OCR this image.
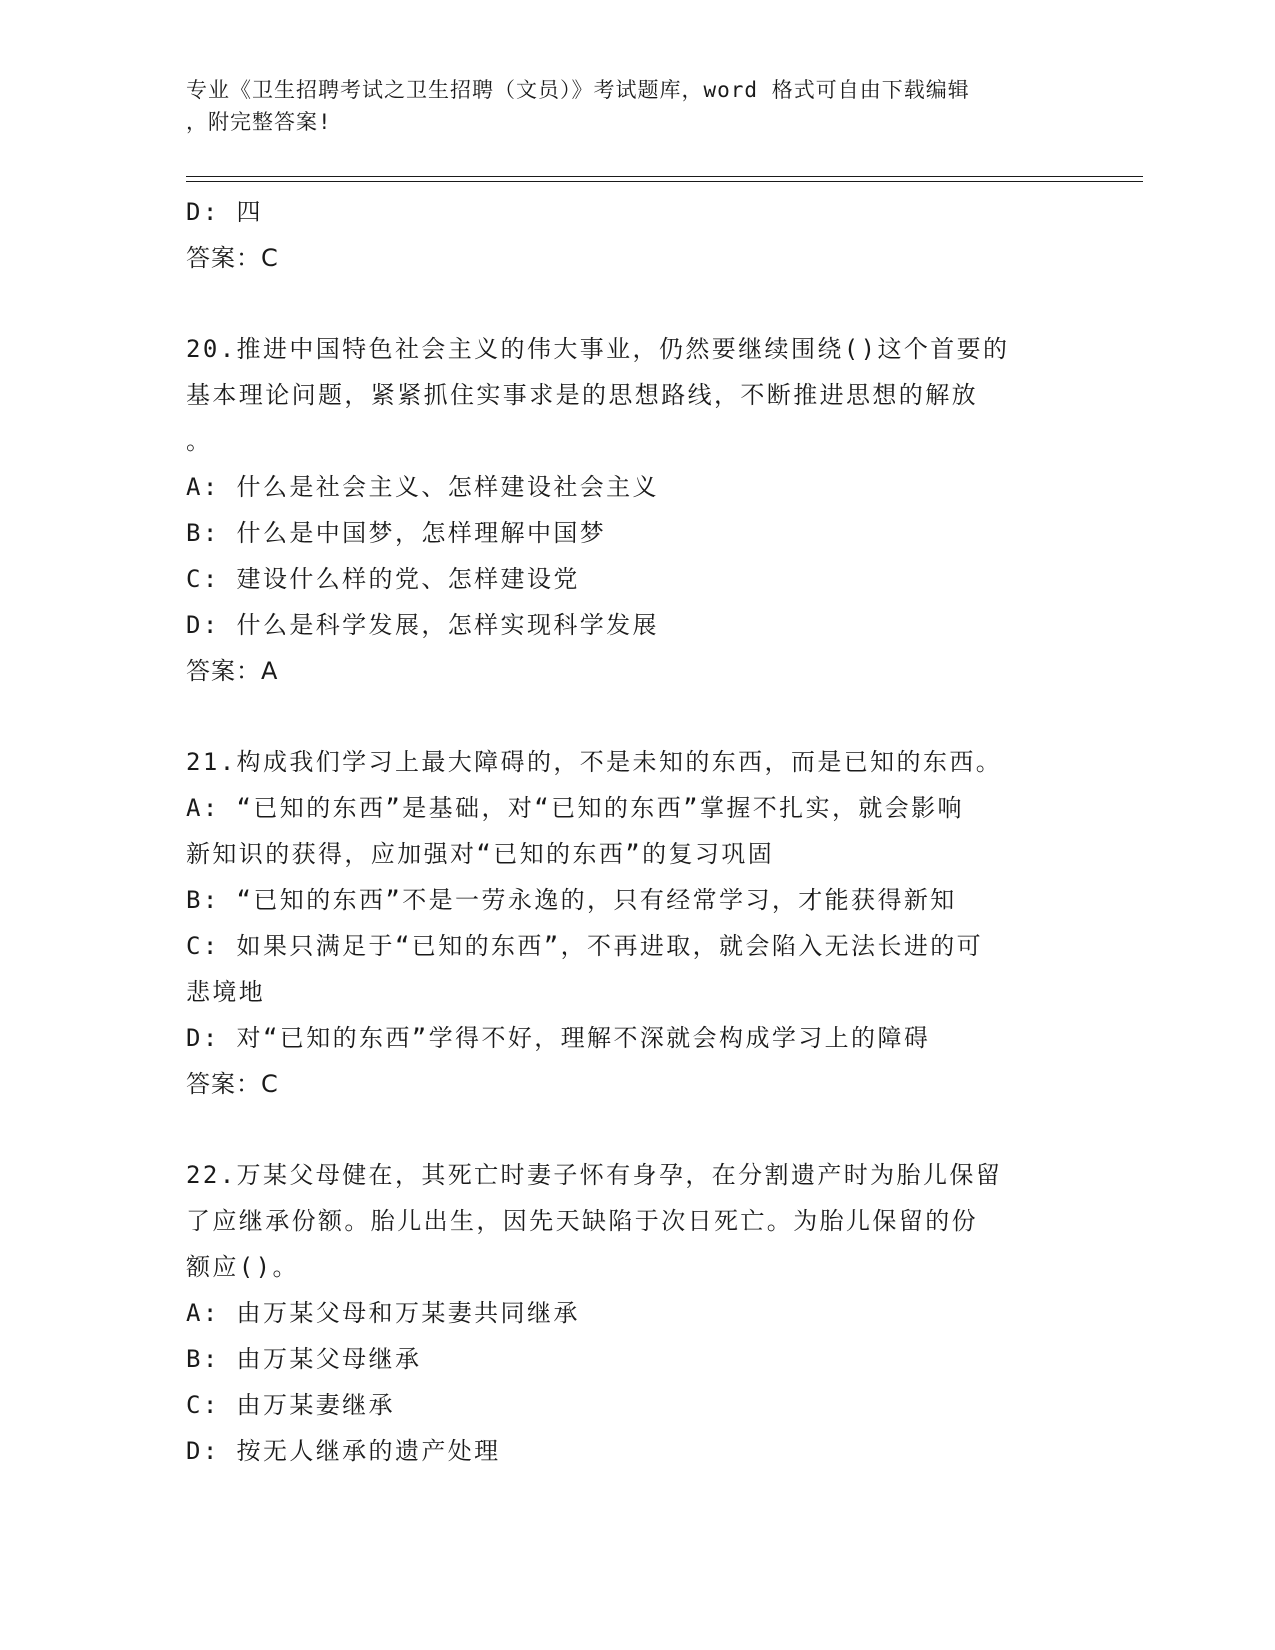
专业《卫生招聘考试之卫生招聘（文员）》考试题库，word 格式可自由下载编辑
，附完整答案!
D: 四
答案：C
20.推进中国特色社会主义的伟大事业，仍然要继续围绕()这个首要的
基本理论问题，紧紧抓住实事求是的思想路线，不断推进思想的解放
。
A: 什么是社会主义、怎样建设社会主义
B: 什么是中国梦，怎样理解中国梦
C: 建设什么样的党、怎样建设党
D: 什么是科学发展，怎样实现科学发展
答案：A
21.构成我们学习上最大障碍的，不是未知的东西，而是已知的东西。
A: “已知的东西”是基础，对“已知的东西”掌握不扎实，就会影响
新知识的获得，应加强对“已知的东西”的复习巩固
B: “已知的东西”不是一劳永逸的，只有经常学习，才能获得新知
C: 如果只满足于“已知的东西”，不再进取，就会陷入无法长进的可
悲境地
D: 对“已知的东西”学得不好，理解不深就会构成学习上的障碍
答案：C
22.万某父母健在，其死亡时妻子怀有身孕，在分割遗产时为胎儿保留
了应继承份额。胎儿出生，因先天缺陷于次日死亡。为胎儿保留的份
额应()。
A: 由万某父母和万某妻共同继承
B: 由万某父母继承
C: 由万某妻继承
D: 按无人继承的遗产处理
